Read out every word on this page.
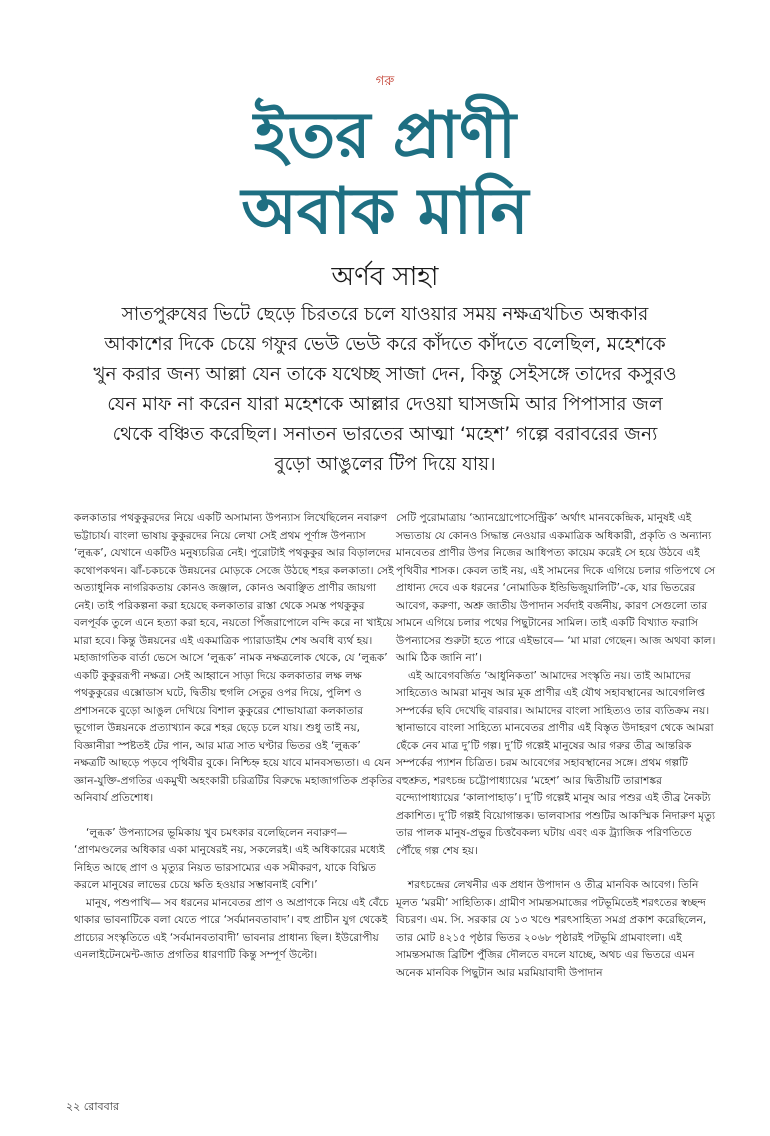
গরু
ইতর প্রাণী
অবাক মানি
অর্ণব সাহা
সাতপুরুষের ভিটে ছেড়ে চিরতরে চলে যাওয়ার সময় নক্ষত্রখচিত অন্ধকার
আকাশের দিকে চেয়ে গফুর ভেউ ভেউ করে কাঁদতে কাঁদতে বলেছিল, মহেশকে
খুন করার জন্য আল্লা যেন তাকে যথেচ্ছ সাজা দেন, কিন্তু সেইসঙ্গে তাদের কসুরও
যেন মাফ না করেন যারা মহেশকে আল্লার দেওয়া ঘাসজমি আর পিপাসার জল
থেকে বঞ্চিত করেছিল। সনাতন ভারতের আত্মা ‘মহেশ’ গল্পে বরাবরের জন্য
বুড়ো আঙুলের টিপ দিয়ে যায়।

কলকাতার পথকুকুরদের নিয়ে একটি অসামান্য উপন্যাস লিখেছিলেন নবারুণ ভট্টাচার্য। বাংলা ভাষায় কুকুরদের নিয়ে লেখা সেই প্রথম পূর্ণাঙ্গ উপন্যাস ‘লুব্ধক’, যেখানে একটিও মনুষ্যচরিত্র নেই। পুরোটাই পথকুকুর আর বিড়ালদের কথোপকথন। ঝাঁ-চকচকে উন্নয়নের মোড়কে সেজে উঠছে শহর কলকাতা। সেই অত্যাধুনিক নাগরিকতায় কোনও জঞ্জাল, কোনও অবাঞ্ছিত প্রাণীর জায়গা নেই। তাই পরিকল্পনা করা হয়েছে কলকাতার রাস্তা থেকে সমস্ত পথকুকুর বলপূর্বক তুলে এনে হত্যা করা হবে, নয়তো পিঁজরাপোলে বন্দি করে না খাইয়ে মারা হবে। কিন্তু উন্নয়নের এই একমাত্রিক প্যারাডাইম শেষ অবধি ব্যর্থ হয়। মহাজাগতিক বার্তা ভেসে আসে ‘লুব্ধক’ নামক নক্ষত্রলোক থেকে, যে ‘লুব্ধক’ একটি কুকুররূপী নক্ষত্র। সেই আহ্বানে সাড়া দিয়ে কলকাতার লক্ষ লক্ষ পথকুকুরের এক্সোডাস ঘটে, দ্বিতীয় হুগলি সেতুর ওপর দিয়ে, পুলিশ ও প্রশাসনকে বুড়ো আঙুল দেখিয়ে বিশাল কুকুরের শোভাযাত্রা কলকাতার ভূগোল উন্নয়নকে প্রত্যাখ্যান করে শহর ছেড়ে চলে যায়। শুধু তাই নয়, বিজ্ঞানীরা স্পষ্টতই টের পান, আর মাত্র সাত ঘণ্টার ভিতর ওই ‘লুব্ধক’ নক্ষত্রটি আছড়ে পড়বে পৃথিবীর বুকে। নিশ্চিহ্ন হয়ে যাবে মানবসভ্যতা। এ যেন জ্ঞান-যুক্তি-প্রগতির একমুখী অহংকারী চরিত্রটির বিরুদ্ধে মহাজাগতিক প্রকৃতির অনিবার্য প্রতিশোধ।

‘লুব্ধক’ উপন্যাসের ভূমিকায় খুব চমৎকার বলেছিলেন নবারুণ— ‘প্রাণমণ্ডলের অধিকার একা মানুষেরই নয়, সকলেরই। এই অধিকারের মধ্যেই নিহিত আছে প্রাণ ও মৃত্যুর নিয়ত ভারসাম্যের এক সমীকরণ, যাকে বিঘ্নিত করলে মানুষের লাভের চেয়ে ক্ষতি হওয়ার সম্ভাবনাই বেশি।’

মানুষ, পশুপাখি— সব ধরনের মানবেতর প্রাণ ও অপ্রাণকে নিয়ে এই বেঁচে থাকার ভাবনাটিকে বলা যেতে পারে ‘সর্বমানবতাবাদ’। বহু প্রাচীন যুগ থেকেই প্রাচ্যের সংস্কৃতিতে এই ‘সর্বমানবতাবাদী’ ভাবনার প্রাধান্য ছিল। ইউরোপীয় এনলাইটেনমেন্ট-জাত প্রগতির ধারণাটি কিন্তু সম্পূর্ণ উল্টো।

সেটি পুরোমাত্রায় ‘অ্যানথ্রোপোসেন্ট্রিক’ অর্থাৎ মানবকেন্দ্রিক, মানুষই এই সভ্যতায় যে কোনও সিদ্ধান্ত নেওয়ার একমাত্রিক অধিকারী, প্রকৃতি ও অন্যান্য মানবেতর প্রাণীর উপর নিজের আধিপত্য কায়েম করেই সে হয়ে উঠবে এই পৃথিবীর শাসক। কেবল তাই নয়, এই সামনের দিকে এগিয়ে চলার গতিপথে সে প্রাধান্য দেবে এক ধরনের ‘নোমাডিক ইন্ডিভিজুয়ালিটি’-কে, যার ভিতরের আবেগ, করুণা, অশ্রু জাতীয় উপাদান সর্বদাই বর্জনীয়, কারণ সেগুলো তার সামনে এগিয়ে চলার পথের পিছুটানের সামিল। তাই একটি বিখ্যাত ফরাসি উপন্যাসের শুরুটা হতে পারে এইভাবে— ‘মা মারা গেছেন। আজ অথবা কাল। আমি ঠিক জানি না’।

এই আবেগবর্জিত ‘আধুনিকতা’ আমাদের সংস্কৃতি নয়। তাই আমাদের সাহিত্যেও আমরা মানুষ আর মূক প্রাণীর এই যৌথ সহাবস্থানের আবেগলিপ্ত সম্পর্কের ছবি দেখেছি বারবার। আমাদের বাংলা সাহিত্যও তার ব্যতিক্রম নয়। স্থানাভাবে বাংলা সাহিত্যে মানবেতর প্রাণীর এই বিস্তৃত উদাহরণ থেকে আমরা ছেঁকে নেব মাত্র দু’টি গল্প। দু’টি গল্পেই মানুষের আর গরুর তীব্র আন্তরিক সম্পর্কের প্যাশন চিত্রিত। চরম আবেগের সহাবস্থানের সঙ্গে। প্রথম গল্পটি বহুশ্রুত, শরৎচন্দ্র চট্টোপাধ্যায়ের ‘মহেশ’ আর দ্বিতীয়টি তারাশঙ্কর বন্দ্যোপাধ্যায়ের ‘কালাপাহাড়’। দু’টি গল্পেই মানুষ আর পশুর এই তীব্র নৈকট্য প্রকাশিত। দু’টি গল্পই বিয়োগান্তক। ভালবাসার পশুটির আকস্মিক নিদারুণ মৃত্যু তার পালক মানুষ-প্রভুর চিত্তবৈকল্য ঘটায় এবং এক ট্র্যাজিক পরিণতিতে পৌঁছে গল্প শেষ হয়।

শরৎচন্দ্রের লেখনীর এক প্রধান উপাদান ও তীব্র মানবিক আবেগ। তিনি মূলত ‘মরমী’ সাহিত্যিক। গ্রামীণ সামন্তসমাজের পটভূমিতেই শরৎতের স্বচ্ছন্দ বিচরণ। এম. সি. সরকার যে ১৩ খণ্ডে শরৎসাহিত্য সমগ্র প্রকাশ করেছিলেন, তার মোট ৪২১৫ পৃষ্ঠার ভিতর ২০৬৮ পৃষ্ঠারই পটভূমি গ্রামবাংলা। এই সামন্তসমাজ ব্রিটিশ পুঁজির দৌলতে বদলে যাচ্ছে, অথচ এর ভিতরে এমন অনেক মানবিক পিছুটান আর মরমিয়াবাদী উপাদান

২২ রোববার
